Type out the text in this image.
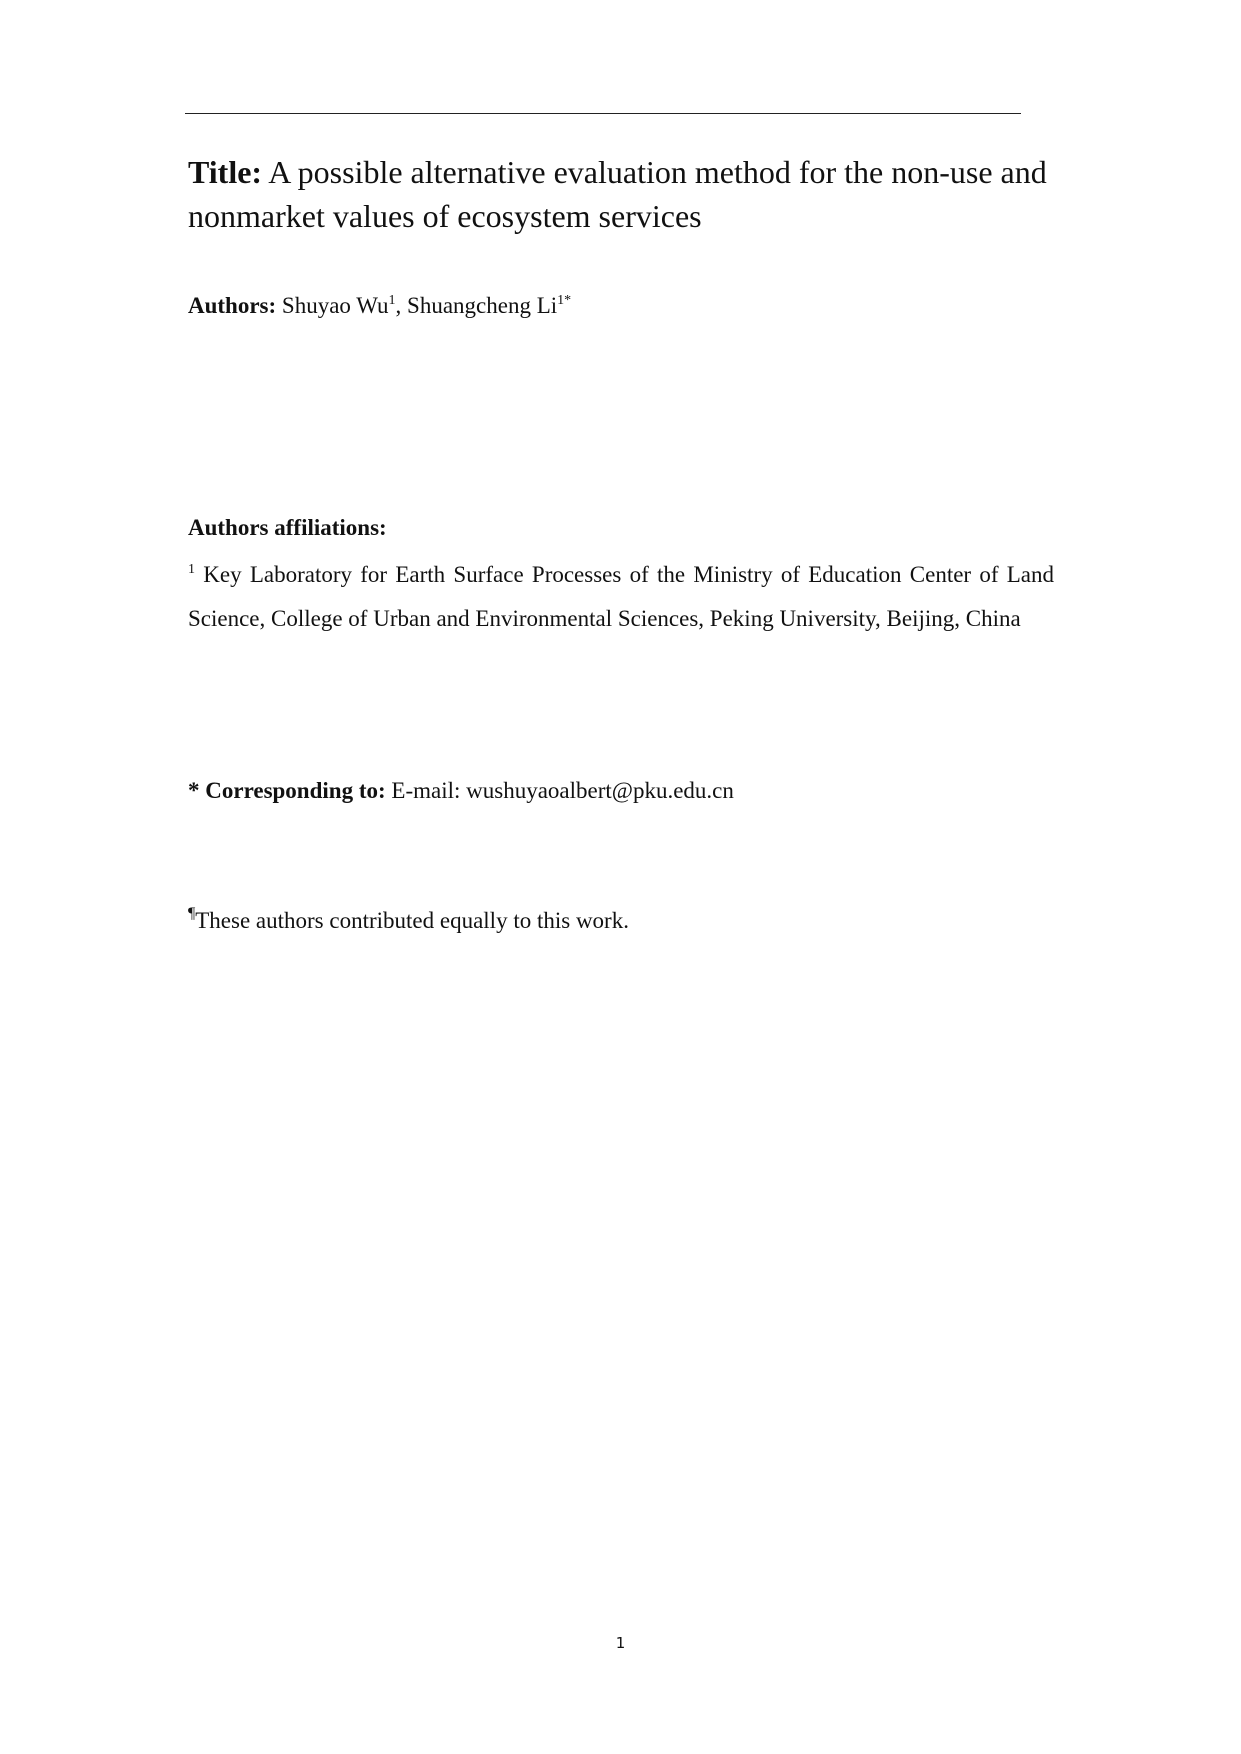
Title: A possible alternative evaluation method for the non-use and nonmarket values of ecosystem services
Authors: Shuyao Wu$^1$, Shuangcheng $Li^{1*}$
Authors affiliations:
$^1$ Key Laboratory for Earth Surface Processes of the Ministry of Education Center of Land Science, College of Urban and Environmental Sciences, Peking University, Beijing, China
* Corresponding to: E-mail: wushuyaoalbert@pku.edu.cn
¶These authors contributed equally to this work.
1
